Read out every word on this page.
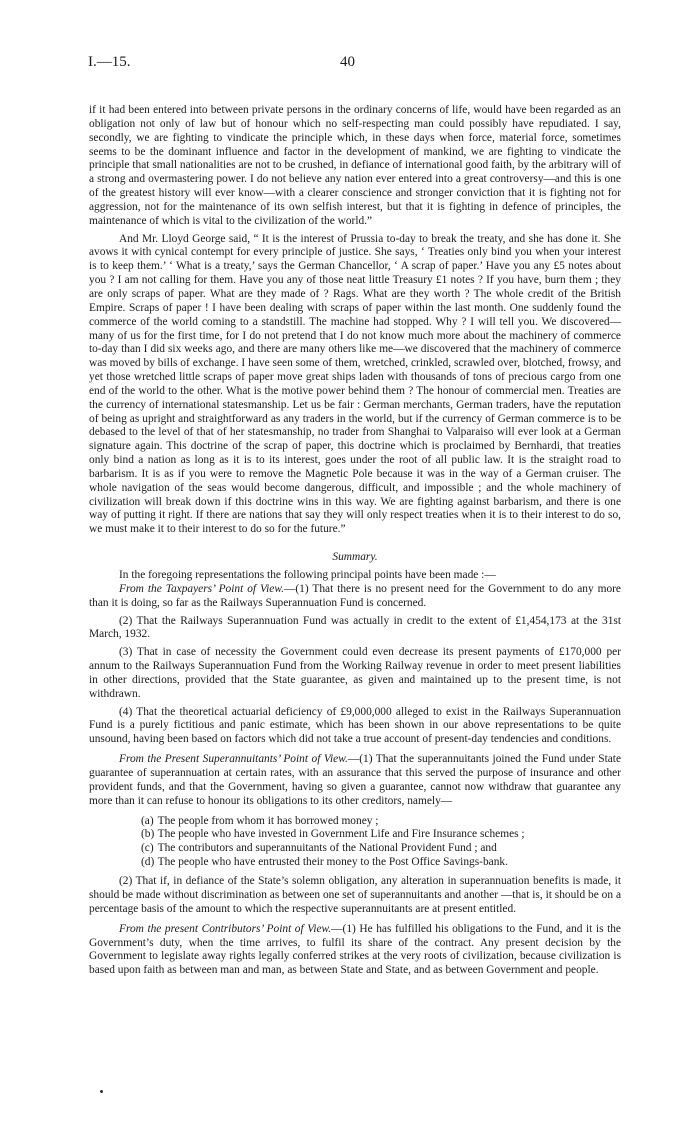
I.—15.	40

if it had been entered into between private persons in the ordinary concerns of life, would have been regarded as an obligation not only of law but of honour which no self-respecting man could possibly have repudiated. I say, secondly, we are fighting to vindicate the principle which, in these days when force, material force, sometimes seems to be the dominant influence and factor in the development of mankind, we are fighting to vindicate the principle that small nationalities are not to be crushed, in defiance of international good faith, by the arbitrary will of a strong and overmastering power. I do not believe any nation ever entered into a great controversy—and this is one of the greatest history will ever know—with a clearer conscience and stronger conviction that it is fighting not for aggression, not for the maintenance of its own selfish interest, but that it is fighting in defence of principles, the maintenance of which is vital to the civilization of the world.”

And Mr. Lloyd George said, “ It is the interest of Prussia to-day to break the treaty, and she has done it. She avows it with cynical contempt for every principle of justice. She says, ‘ Treaties only bind you when your interest is to keep them.’ ‘ What is a treaty,’ says the German Chancellor, ‘ A scrap of paper.’ Have you any £5 notes about you ? I am not calling for them. Have you any of those neat little Treasury £1 notes ? If you have, burn them ; they are only scraps of paper. What are they made of ? Rags. What are they worth ? The whole credit of the British Empire. Scraps of paper ! I have been dealing with scraps of paper within the last month. One suddenly found the commerce of the world coming to a standstill. The machine had stopped. Why ? I will tell you. We discovered—many of us for the first time, for I do not pretend that I do not know much more about the machinery of commerce to-day than I did six weeks ago, and there are many others like me—we discovered that the machinery of commerce was moved by bills of exchange. I have seen some of them, wretched, crinkled, scrawled over, blotched, frowsy, and yet those wretched little scraps of paper move great ships laden with thousands of tons of precious cargo from one end of the world to the other. What is the motive power behind them ? The honour of commercial men. Treaties are the currency of international statesmanship. Let us be fair : German merchants, German traders, have the reputation of being as upright and straightforward as any traders in the world, but if the currency of German commerce is to be debased to the level of that of her statesmanship, no trader from Shanghai to Valparaiso will ever look at a German signature again. This doctrine of the scrap of paper, this doctrine which is proclaimed by Bernhardi, that treaties only bind a nation as long as it is to its interest, goes under the root of all public law. It is the straight road to barbarism. It is as if you were to remove the Magnetic Pole because it was in the way of a German cruiser. The whole navigation of the seas would become dangerous, difficult, and impossible ; and the whole machinery of civilization will break down if this doctrine wins in this way. We are fighting against barbarism, and there is one way of putting it right. If there are nations that say they will only respect treaties when it is to their interest to do so, we must make it to their interest to do so for the future.”

Summary.

In the foregoing representations the following principal points have been made :—

From the Taxpayers’ Point of View.—(1) That there is no present need for the Government to do any more than it is doing, so far as the Railways Superannuation Fund is concerned.

(2) That the Railways Superannuation Fund was actually in credit to the extent of £1,454,173 at the 31st March, 1932.

(3) That in case of necessity the Government could even decrease its present payments of £170,000 per annum to the Railways Superannuation Fund from the Working Railway revenue in order to meet present liabilities in other directions, provided that the State guarantee, as given and maintained up to the present time, is not withdrawn.

(4) That the theoretical actuarial deficiency of £9,000,000 alleged to exist in the Railways Superannuation Fund is a purely fictitious and panic estimate, which has been shown in our above representations to be quite unsound, having been based on factors which did not take a true account of present-day tendencies and conditions.

From the Present Superannuitants’ Point of View.—(1) That the superannuitants joined the Fund under State guarantee of superannuation at certain rates, with an assurance that this served the purpose of insurance and other provident funds, and that the Government, having so given a guarantee, cannot now withdraw that guarantee any more than it can refuse to honour its obligations to its other creditors, namely—

(a) The people from whom it has borrowed money ;
(b) The people who have invested in Government Life and Fire Insurance schemes ;
(c) The contributors and superannuitants of the National Provident Fund ; and
(d) The people who have entrusted their money to the Post Office Savings-bank.

(2) That if, in defiance of the State’s solemn obligation, any alteration in superannuation benefits is made, it should be made without discrimination as between one set of superannuitants and another —that is, it should be on a percentage basis of the amount to which the respective superannuitants are at present entitled.

From the present Contributors’ Point of View.—(1) He has fulfilled his obligations to the Fund, and it is the Government’s duty, when the time arrives, to fulfil its share of the contract. Any present decision by the Government to legislate away rights legally conferred strikes at the very roots of civilization, because civilization is based upon faith as between man and man, as between State and State, and as between Government and people.
